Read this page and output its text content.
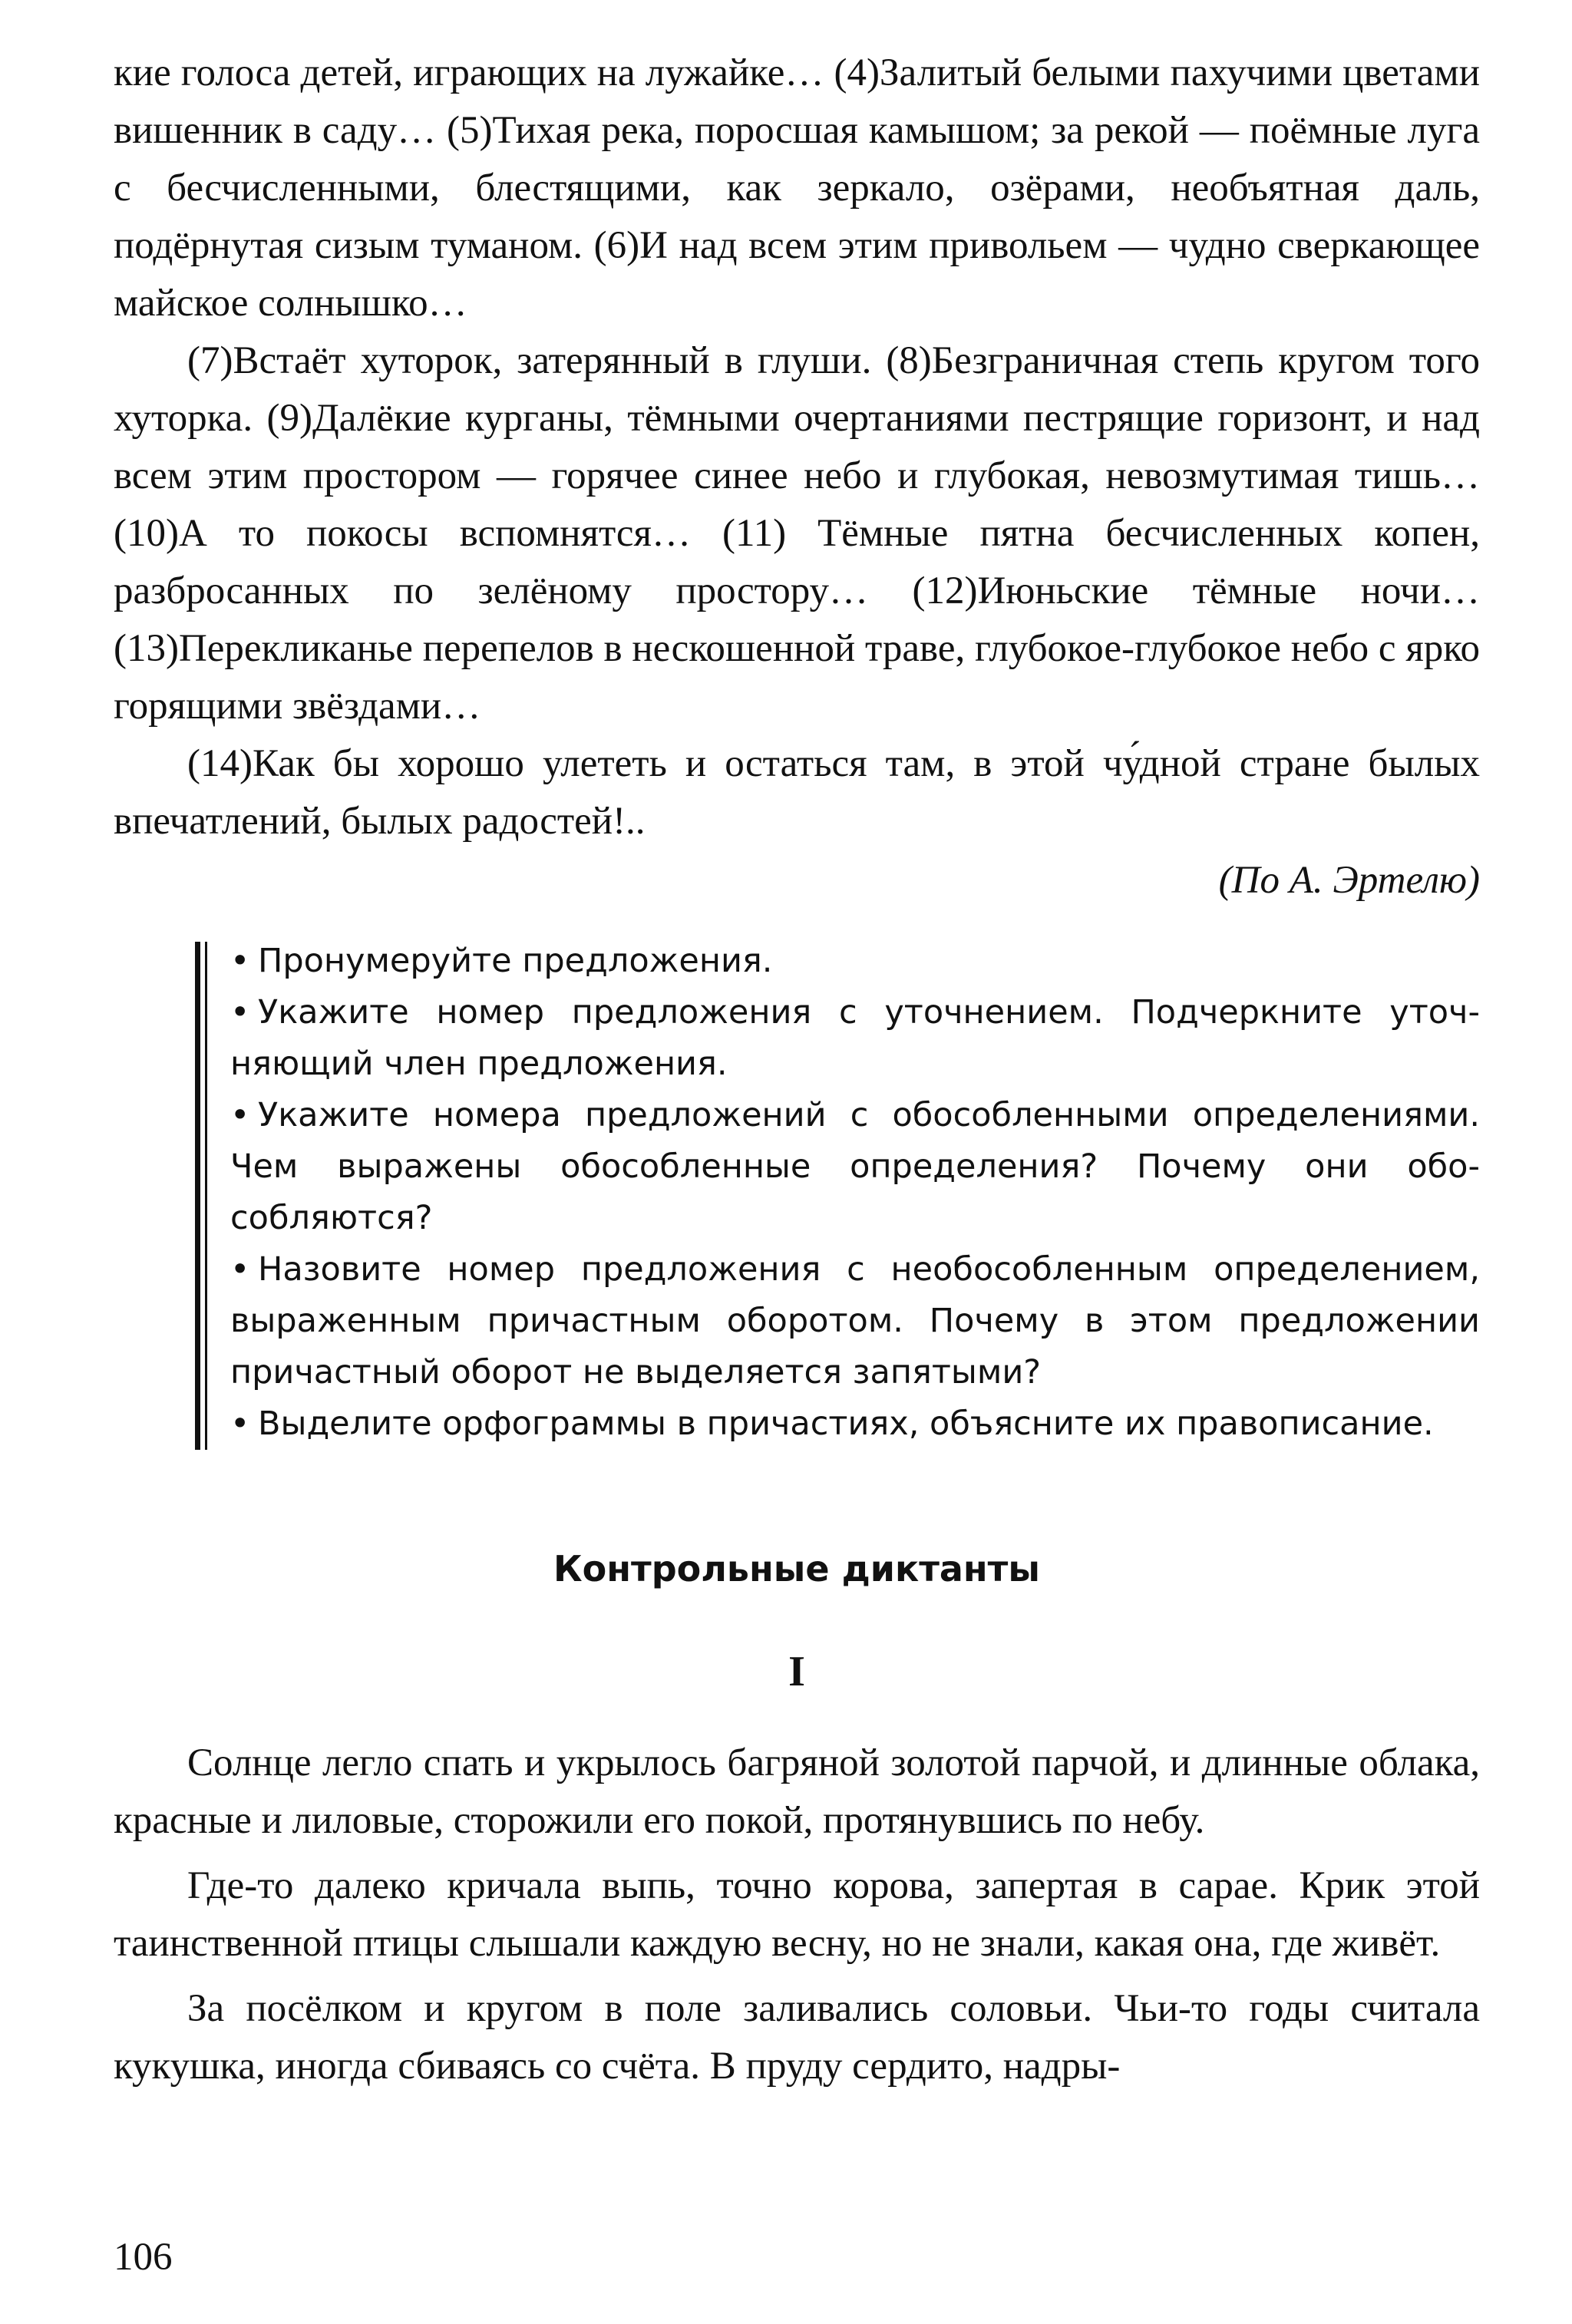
кие голоса детей, играющих на лужайке… (4)Залитый белыми пахучими цветами вишенник в саду… (5)Тихая река, поросшая камышом; за рекой — поёмные луга с бесчисленными, блестящими, как зеркало, озёрами, необъятная даль, подёрнутая сизым туманом. (6)И над всем этим привольем — чудно сверкающее майское солнышко…

(7)Встаёт хуторок, затерянный в глуши. (8)Безграничная степь кругом того хуторка. (9)Далёкие курганы, тёмными очертаниями пестрящие горизонт, и над всем этим простором — горячее синее небо и глубокая, невозмутимая тишь… (10)А то покосы вспомнятся… (11) Тёмные пятна бесчисленных копен, разбросанных по зелёному простору… (12)Июньские тёмные ночи… (13)Перекликанье перепелов в нескошенной траве, глубокое-глубокое небо с ярко горящими звёздами…

(14)Как бы хорошо улететь и остаться там, в этой чу́дной стране былых впечатлений, былых радостей!..

(По А. Эртелю)

• Пронумеруйте предложения.

• Укажите номер предложения с уточнением. Подчеркните уточняющий член предложения.

• Укажите номера предложений с обособленными определениями. Чем выражены обособленные определения? Почему они обособляются?

• Назовите номер предложения с необособленным определением, выраженным причастным оборотом. Почему в этом предложении причастный оборот не выделяется запятыми?

• Выделите орфограммы в причастиях, объясните их правописание.

Контрольные диктанты
I

Солнце легло спать и укрылось багряной золотой парчой, и длинные облака, красные и лиловые, сторожили его покой, протянувшись по небу.

Где-то далеко кричала выпь, точно корова, запертая в сарае. Крик этой таинственной птицы слышали каждую весну, но не знали, какая она, где живёт.

За посёлком и кругом в поле заливались соловьи. Чьи-то годы считала кукушка, иногда сбиваясь со счёта. В пруду сердито, надры-

106
